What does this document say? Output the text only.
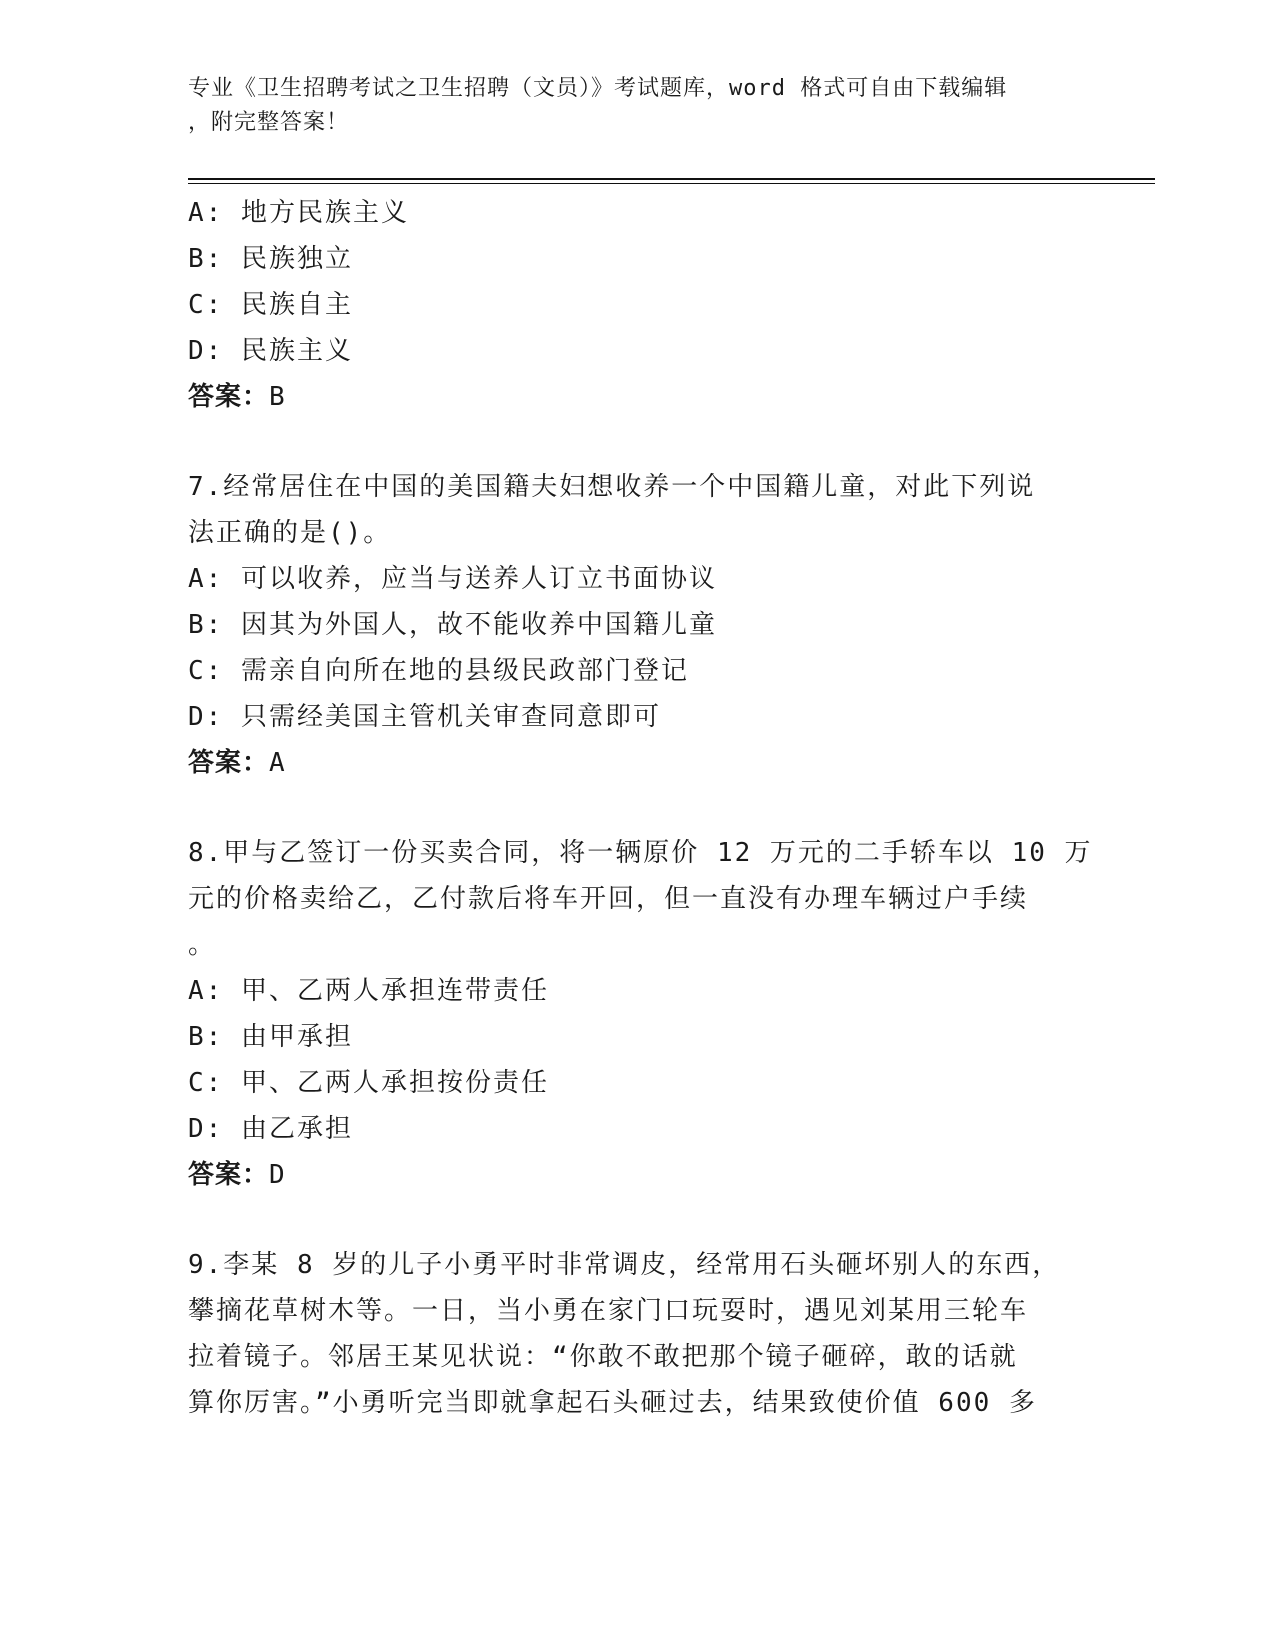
专业《卫生招聘考试之卫生招聘（文员）》考试题库，word 格式可自由下载编辑
，附完整答案！
A: 地方民族主义
B: 民族独立
C: 民族自主
D: 民族主义
答案：B
7.经常居住在中国的美国籍夫妇想收养一个中国籍儿童，对此下列说
法正确的是()。
A: 可以收养，应当与送养人订立书面协议
B: 因其为外国人，故不能收养中国籍儿童
C: 需亲自向所在地的县级民政部门登记
D: 只需经美国主管机关审查同意即可
答案：A
8.甲与乙签订一份买卖合同，将一辆原价 12 万元的二手轿车以 10 万
元的价格卖给乙，乙付款后将车开回，但一直没有办理车辆过户手续
。
A: 甲、乙两人承担连带责任
B: 由甲承担
C: 甲、乙两人承担按份责任
D: 由乙承担
答案：D
9.李某 8 岁的儿子小勇平时非常调皮，经常用石头砸坏别人的东西，
攀摘花草树木等。一日，当小勇在家门口玩耍时，遇见刘某用三轮车
拉着镜子。邻居王某见状说：“你敢不敢把那个镜子砸碎，敢的话就
算你厉害。”小勇听完当即就拿起石头砸过去，结果致使价值 600 多
